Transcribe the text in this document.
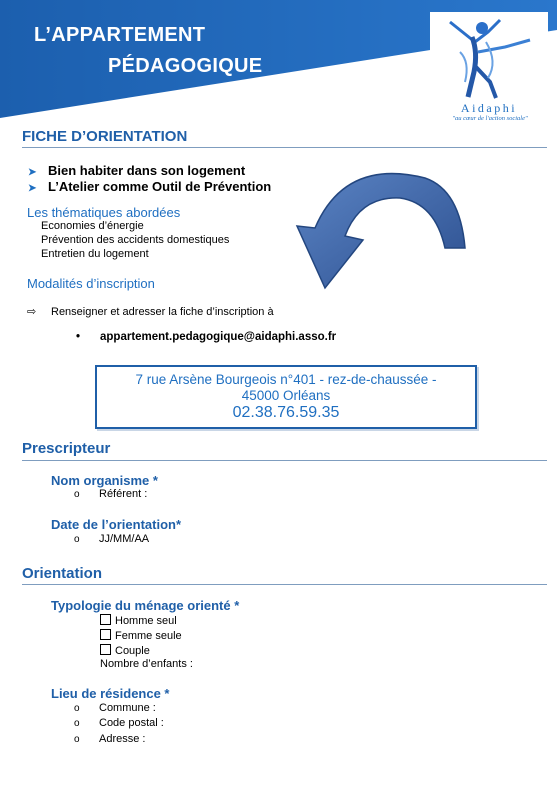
L’APPARTEMENT
PÉDAGOGIQUE
Aidaphi
"au cœur de l'action sociale"
FICHE D’ORIENTATION
➤ Bien habiter dans son logement
➤ L’Atelier comme Outil de Prévention
Les thématiques abordées
Economies d’énergie
Prévention des accidents domestiques
Entretien du logement
Modalités d’inscription
⇨ Renseigner et adresser la fiche d’inscription à
• appartement.pedagogique@aidaphi.asso.fr
7 rue Arsène Bourgeois n°401 - rez-de-chaussée -
45000 Orléans
02.38.76.59.35
Prescripteur
Nom organisme *
o Référent :
Date de l’orientation*
o JJ/MM/AA
Orientation
Typologie du ménage orienté *
Homme seul
Femme seule
Couple
Nombre d’enfants :
Lieu de résidence *
o Commune :
o Code postal :
o Adresse :
